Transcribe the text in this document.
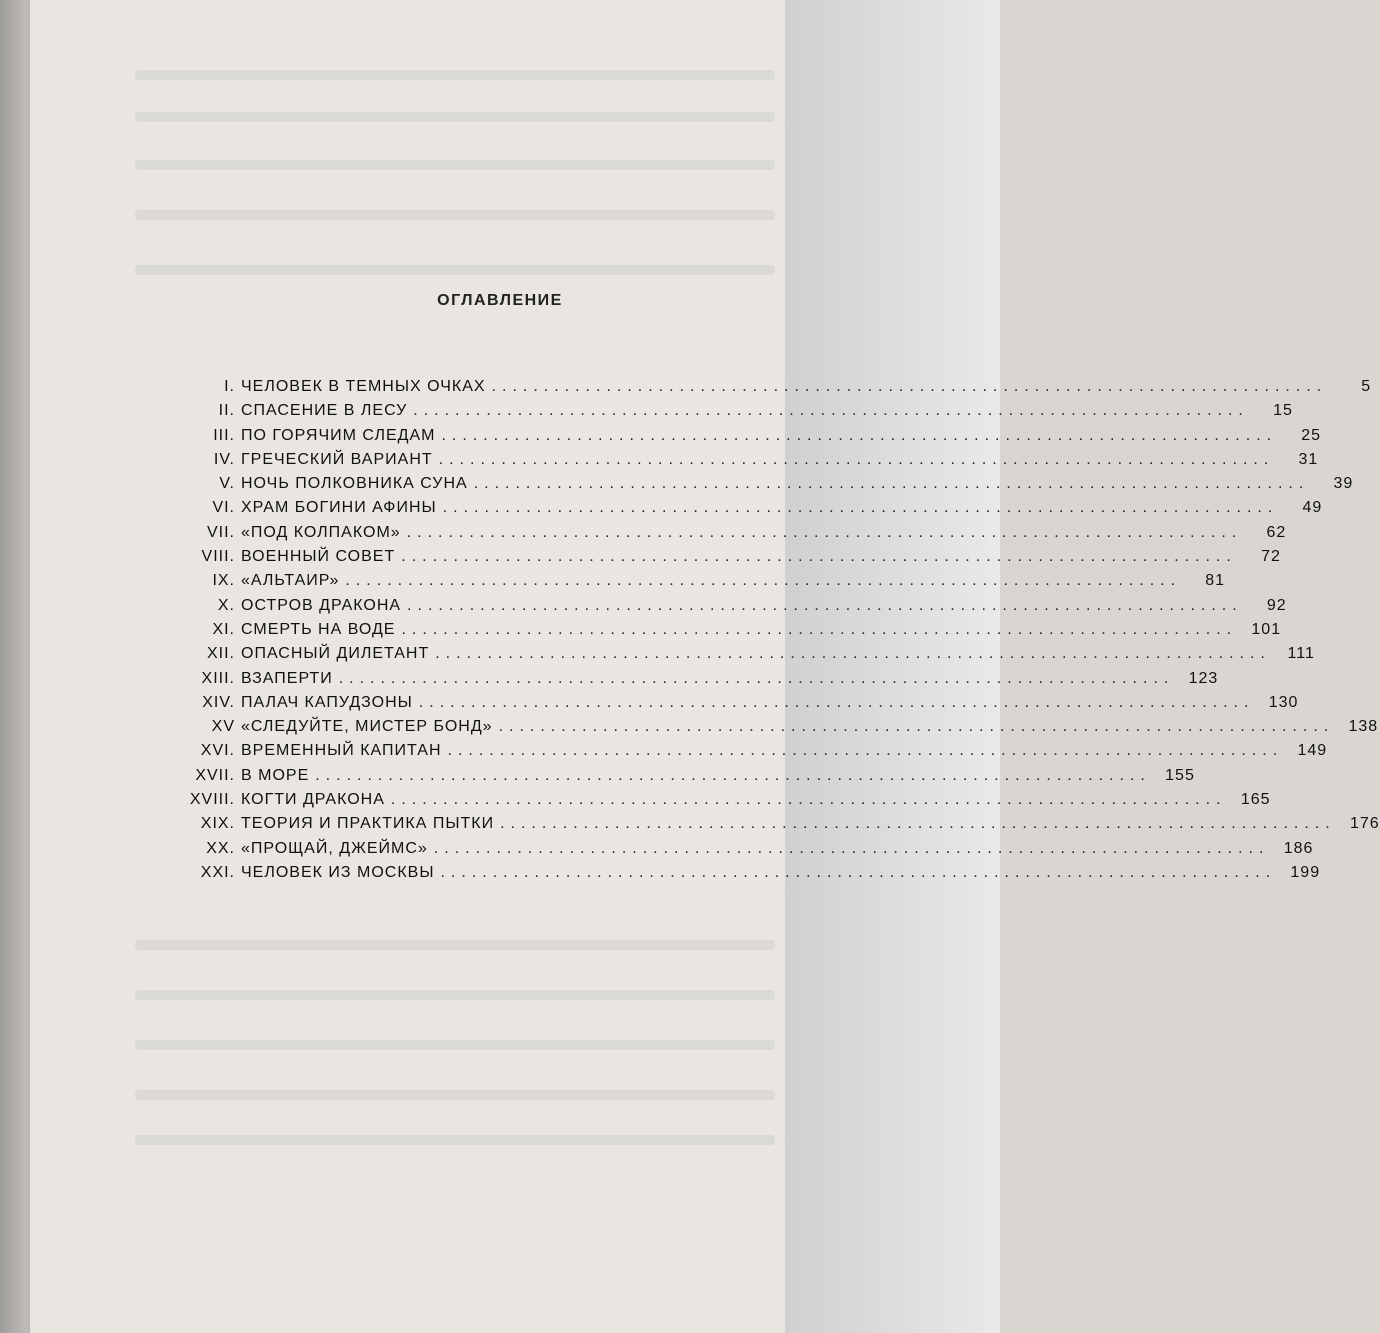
ОГЛАВЛЕНИЕ
I. ЧЕЛОВЕК В ТЕМНЫХ ОЧКАХ ................................................................................	5
II. СПАСЕНИЕ В ЛЕСУ ................................................................................	15
III. ПО ГОРЯЧИМ СЛЕДАМ ................................................................................	25
IV. ГРЕЧЕСКИЙ ВАРИАНТ ................................................................................	31
V. НОЧЬ ПОЛКОВНИКА СУНА ................................................................................	39
VI. ХРАМ БОГИНИ АФИНЫ ................................................................................	49
VII. «ПОД КОЛПАКОМ» ................................................................................	62
VIII. ВОЕННЫЙ СОВЕТ ................................................................................	72
IX. «АЛЬТАИР» ................................................................................	81
X. ОСТРОВ ДРАКОНА ................................................................................	92
XI. СМЕРТЬ НА ВОДЕ ................................................................................ 101
XII. ОПАСНЫЙ ДИЛЕТАНТ ................................................................................	111
XIII. ВЗАПЕРТИ ................................................................................ 123
XIV. ПАЛАЧ КАПУДЗОНЫ ................................................................................ 130
XV «СЛЕДУЙТЕ, МИСТЕР БОНД» ................................................................................ 138
XVI. ВРЕМЕННЫЙ КАПИТАН ................................................................................ 149
XVII. В МОРЕ ................................................................................ 155
XVIII. КОГТИ ДРАКОНА ................................................................................ 165
XIX. ТЕОРИЯ И ПРАКТИКА ПЫТКИ ................................................................................ 176
XX. «ПРОЩАЙ, ДЖЕЙМС» ................................................................................ 186
XXI. ЧЕЛОВЕК ИЗ МОСКВЫ ................................................................................ 199
